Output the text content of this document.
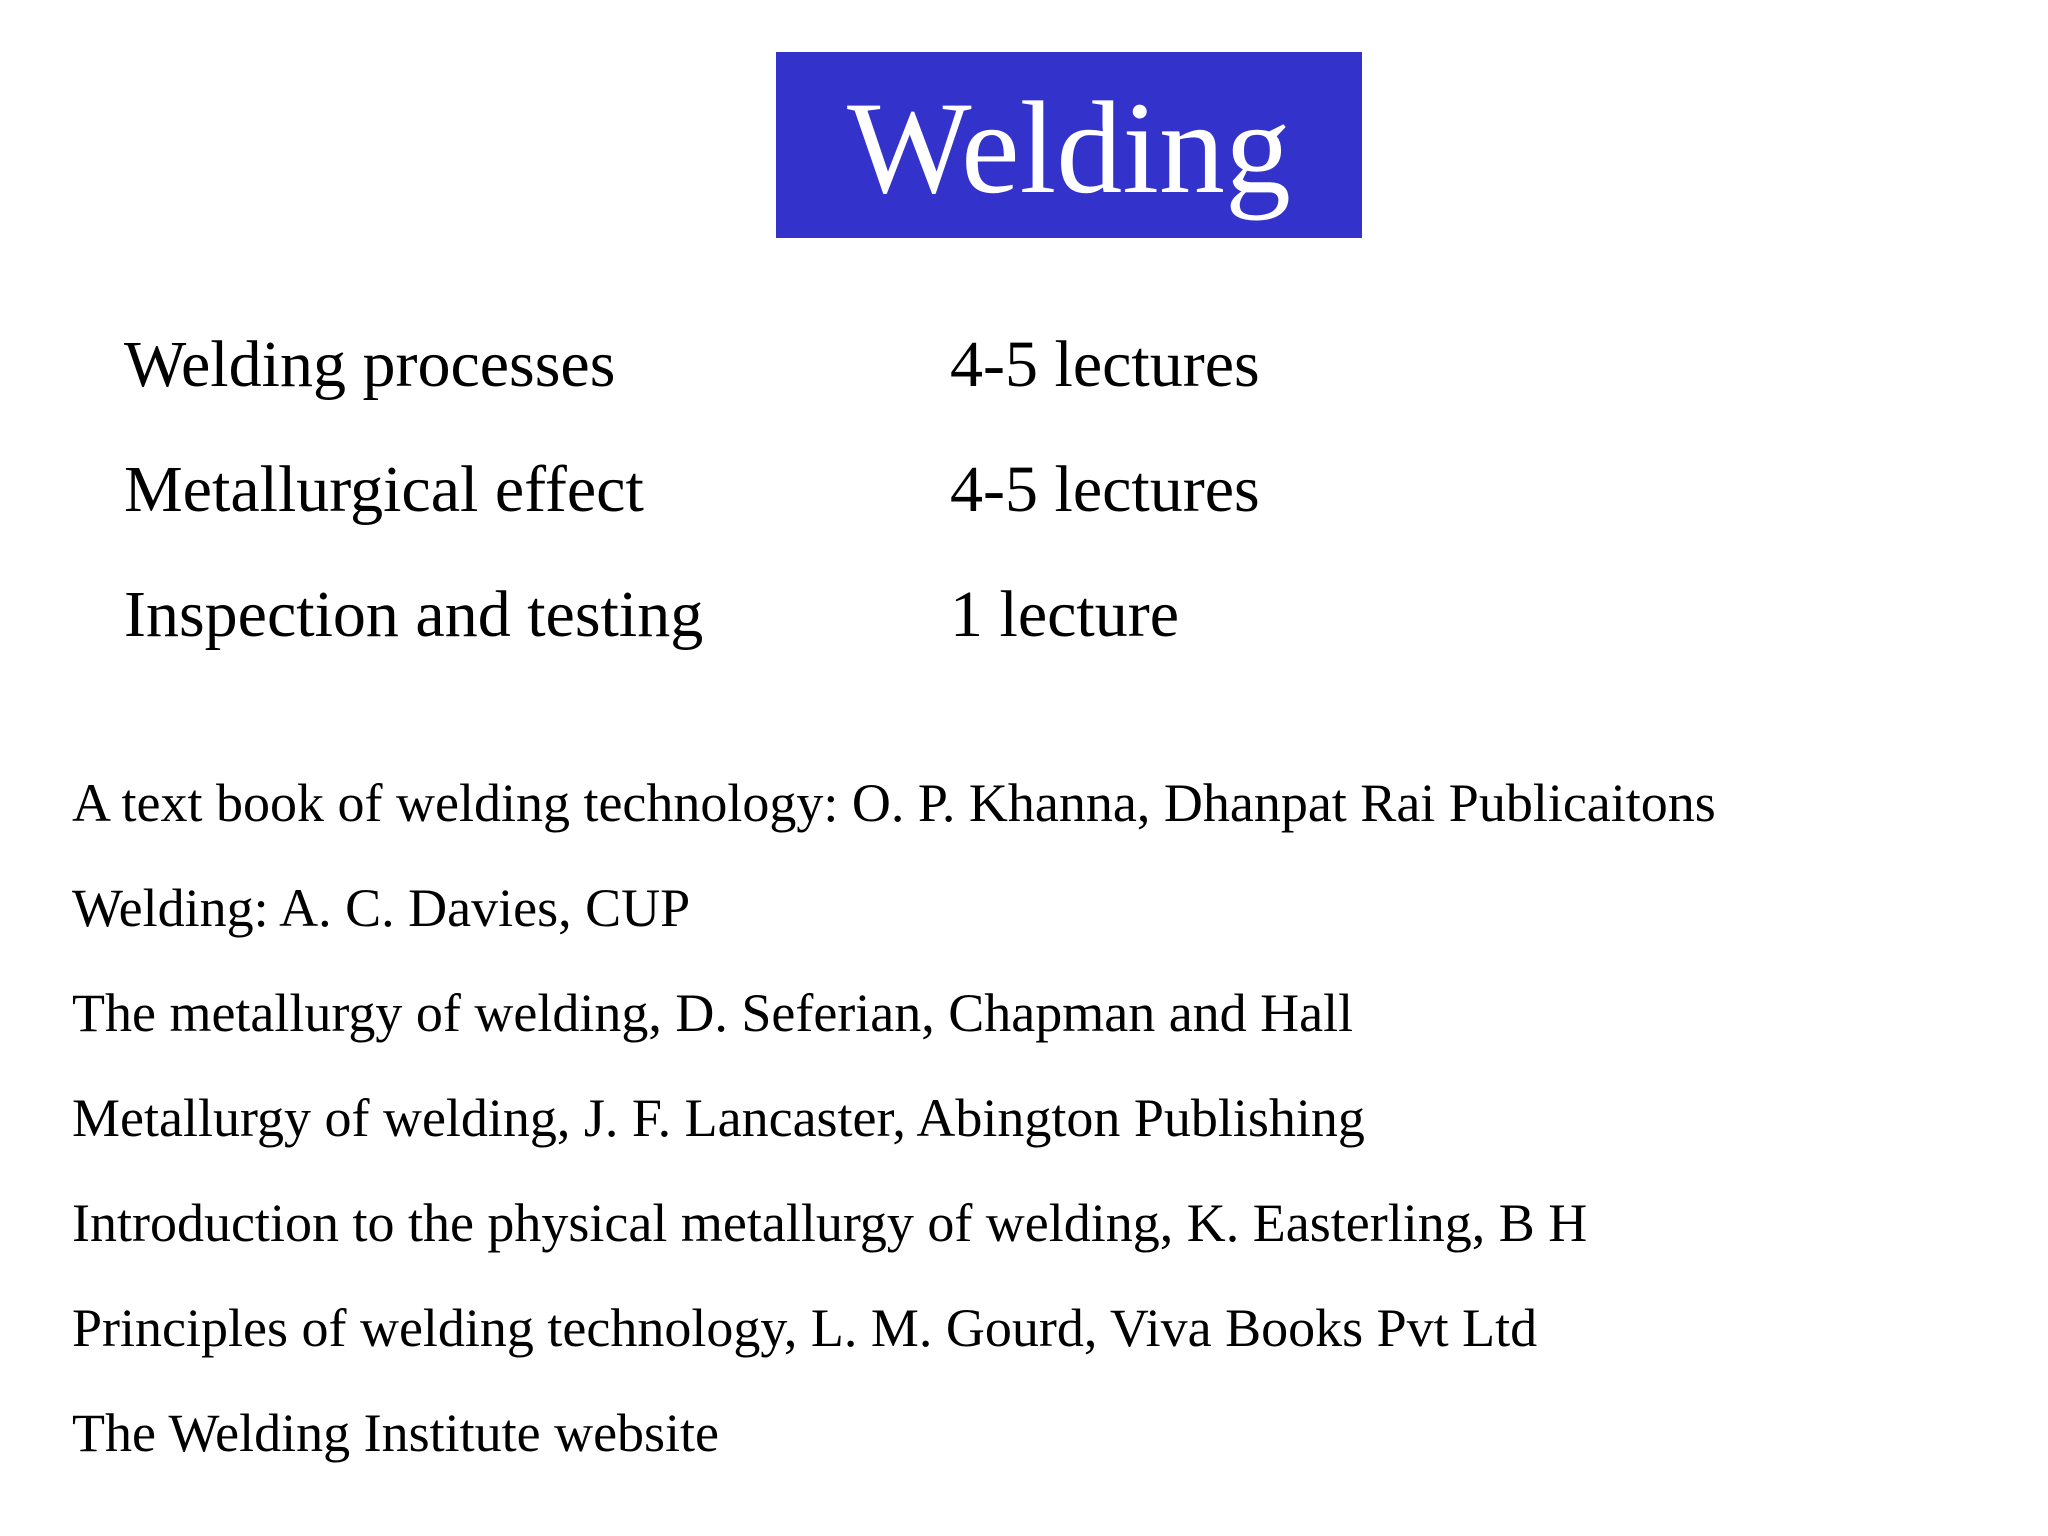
Welding
Welding processes	4-5 lectures
Metallurgical effect	4-5 lectures
Inspection and testing	1 lecture
A text book of welding technology: O. P. Khanna, Dhanpat Rai Publicaitons
Welding: A. C. Davies, CUP
The metallurgy of welding, D. Seferian, Chapman and Hall
Metallurgy of welding, J. F. Lancaster, Abington Publishing
Introduction to the physical metallurgy of welding, K. Easterling, B H
Principles of welding technology, L. M. Gourd, Viva Books Pvt Ltd
The Welding Institute website
